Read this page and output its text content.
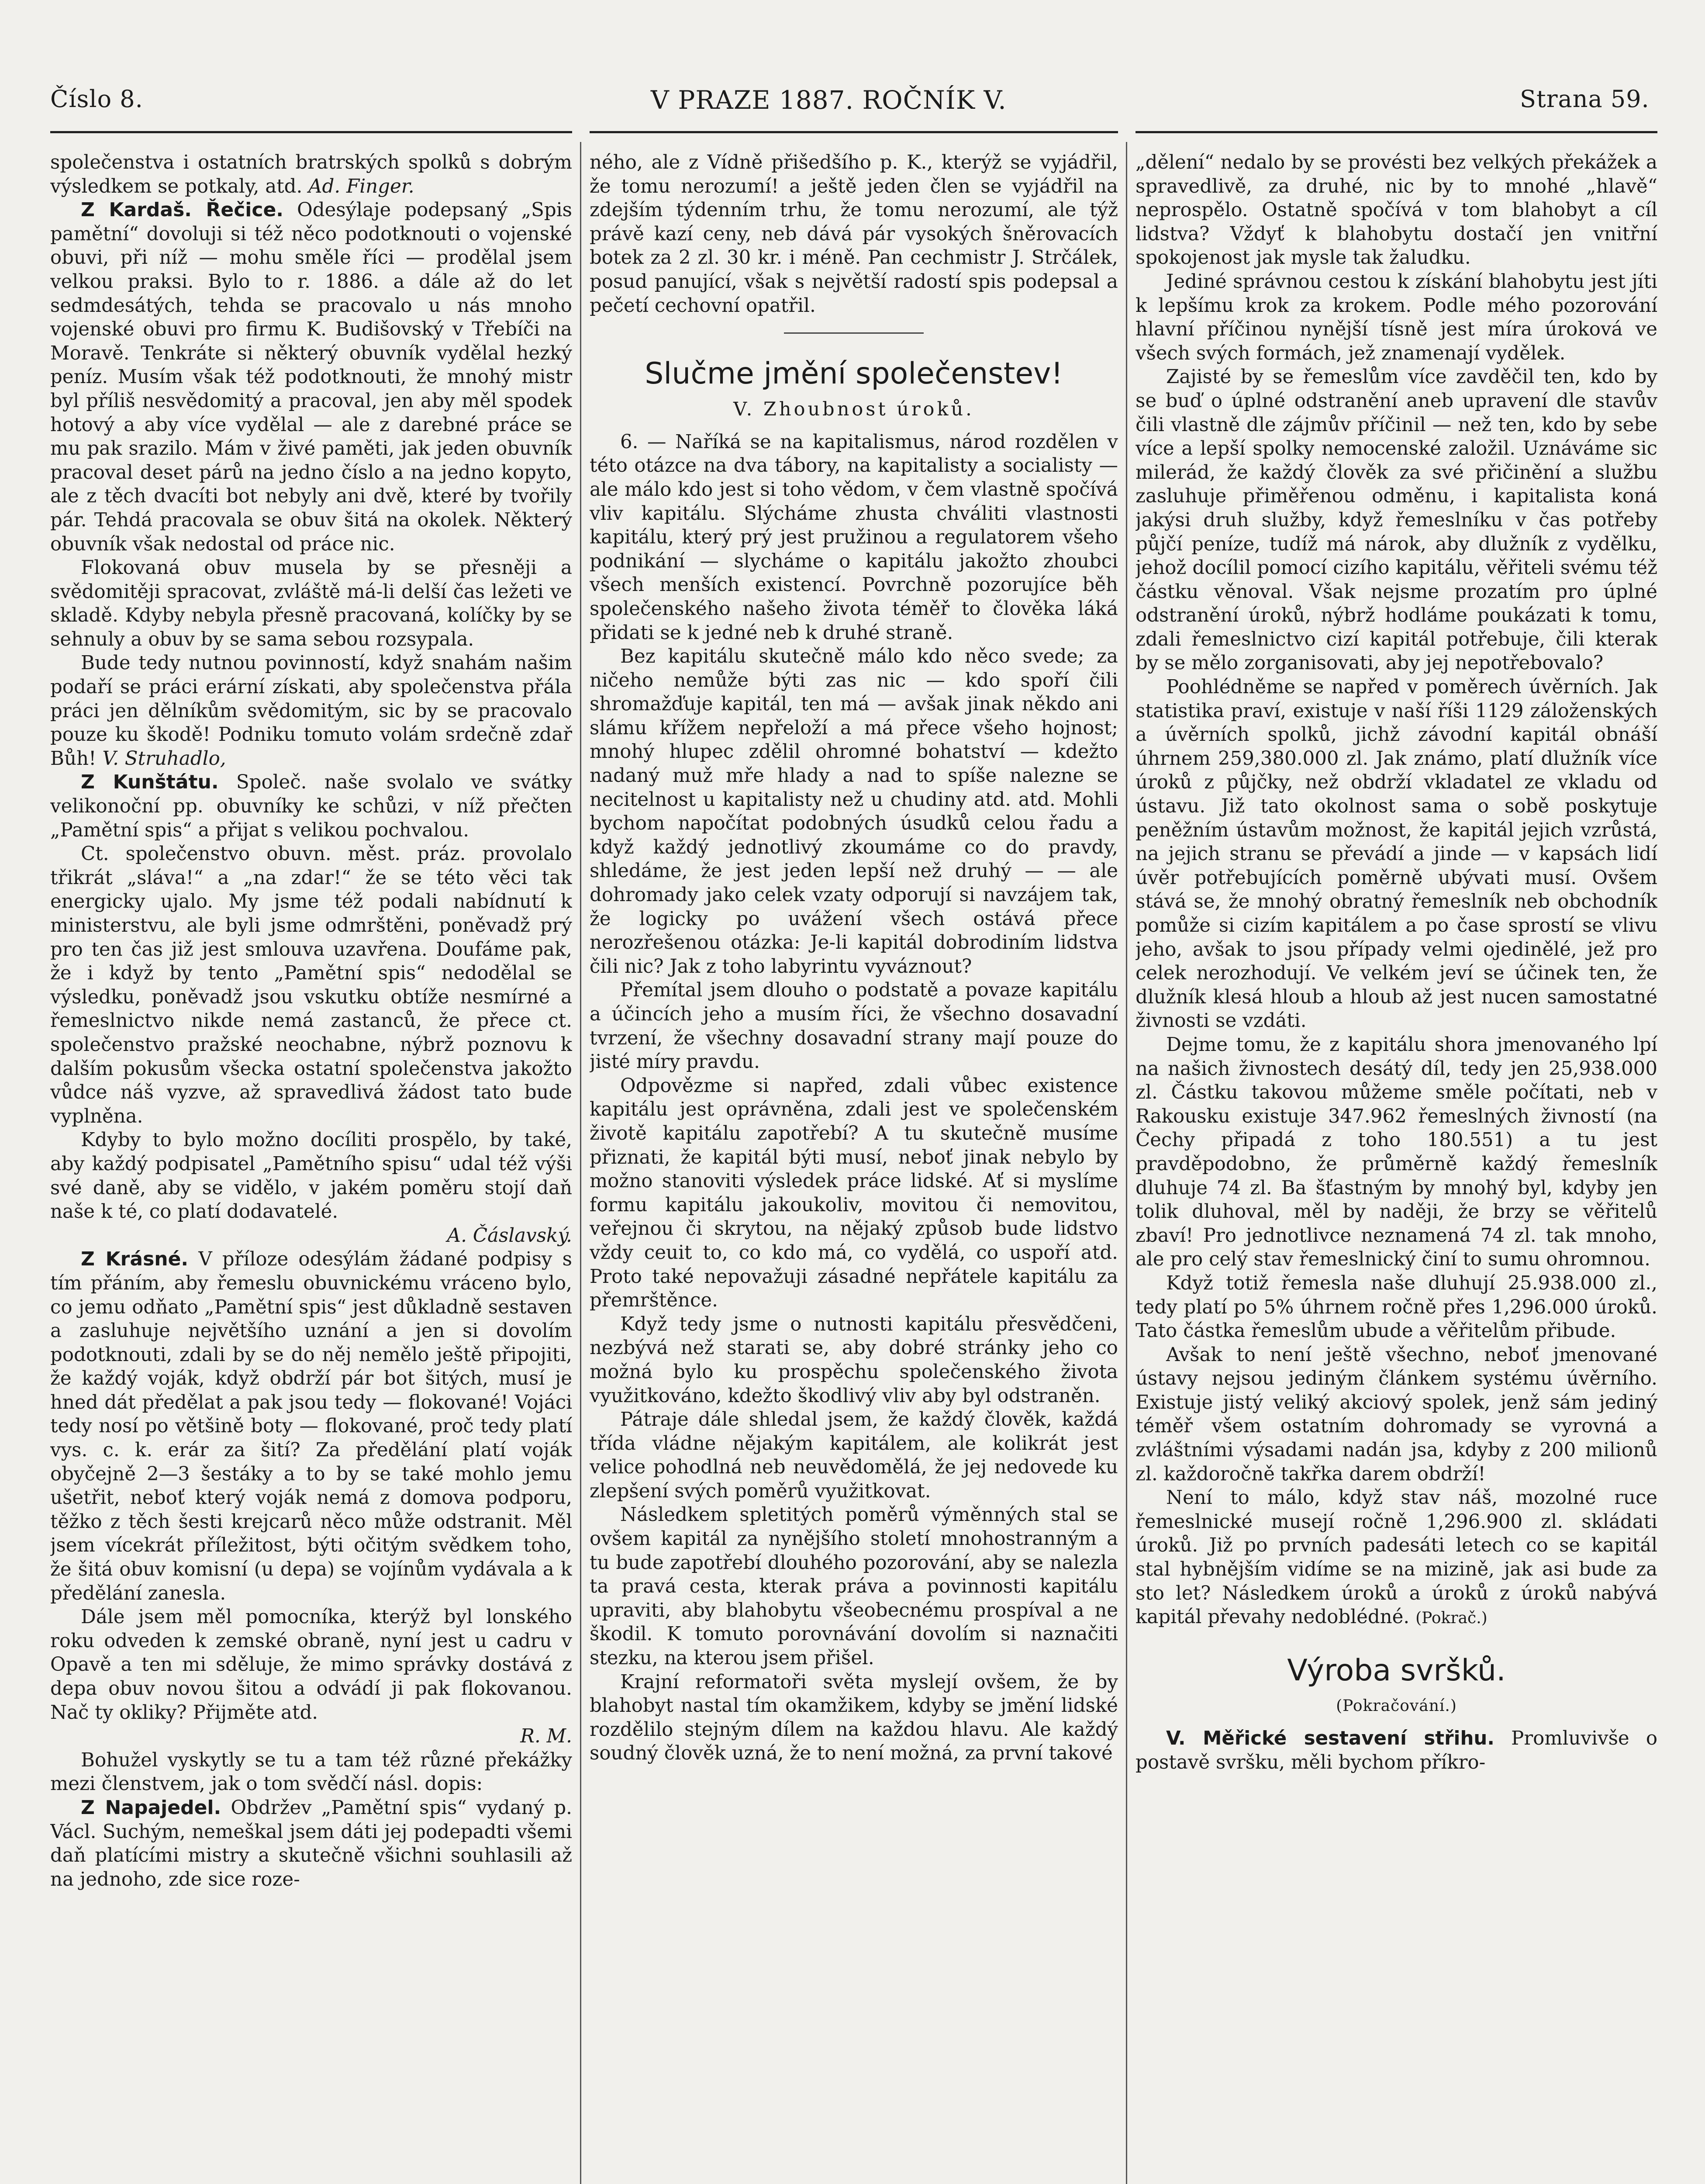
Číslo 8.	V PRAZE 1887. ROČNÍK V.	Strana 59.

společenstva i ostatních bratrských spolků s dobrým výsledkem se potkaly, atd. Ad. Finger.

Z Kardaš. Řečice. Odesýlaje podepsaný „Spis pamětní“ dovoluji si též něco podotknouti o vojenské obuvi, při níž — mohu směle říci — prodělal jsem velkou praksi. Bylo to r. 1886. a dále až do let sedmdesátých, tehda se pracovalo u nás mnoho vojenské obuvi pro firmu K. Budišovský v Třebíči na Moravě. Tenkráte si některý obuvník vydělal hezký peníz. Musím však též podotknouti, že mnohý mistr byl příliš nesvědomitý a pracoval, jen aby měl spodek hotový a aby více vydělal — ale z darebné práce se mu pak srazilo. Mám v živé paměti, jak jeden obuvník pracoval deset párů na jedno číslo a na jedno kopyto, ale z těch dvacíti bot nebyly ani dvě, které by tvořily pár. Tehdá pracovala se obuv šitá na okolek. Některý obuvník však nedostal od práce nic.

Flokovaná obuv musela by se přesněji a svědomitěji spracovat, zvláště má-li delší čas ležeti ve skladě. Kdyby nebyla přesně pracovaná, kolíčky by se sehnuly a obuv by se sama sebou rozsypala.

Bude tedy nutnou povinností, když snahám našim podaří se práci erární získati, aby společenstva přála práci jen dělníkům svědomitým, sic by se pracovalo pouze ku škodě! Podniku tomuto volám srdečně zdař Bůh! V. Struhadlo,

Z Kunštátu. Společ. naše svolalo ve svátky velikonoční pp. obuvníky ke schůzi, v níž přečten „Pamětní spis“ a přijat s velikou pochvalou.

Ct. společenstvo obuvn. měst. práz. provolalo třikrát „sláva!“ a „na zdar!“ že se této věci tak energicky ujalo. My jsme též podali nabídnutí k ministerstvu, ale byli jsme odmrštěni, poněvadž prý pro ten čas již jest smlouva uzavřena. Doufáme pak, že i když by tento „Pamětní spis“ nedodělal se výsledku, poněvadž jsou vskutku obtíže nesmírné a řemeslnictvo nikde nemá zastanců, že přece ct. společenstvo pražské neochabne, nýbrž poznovu k dalším pokusům všecka ostatní společenstva jakožto vůdce náš vyzve, až spravedlivá žádost tato bude vyplněna.

Kdyby to bylo možno docíliti prospělo, by také, aby každý podpisatel „Pamětního spisu“ udal též výši své daně, aby se vidělo, v jakém poměru stojí daň naše k té, co platí dodavatelé.

A. Čáslavský.

Z Krásné. V příloze odesýlám žádané podpisy s tím přáním, aby řemeslu obuvnickému vráceno bylo, co jemu odňato „Pamětní spis“ jest důkladně sestaven a zasluhuje největšího uznání a jen si dovolím podotknouti, zdali by se do něj nemělo ještě připojiti, že každý voják, když obdrží pár bot šitých, musí je hned dát předělat a pak jsou tedy — flokované! Vojáci tedy nosí po většině boty — flokované, proč tedy platí vys. c. k. erár za šití? Za předělání platí voják obyčejně 2—3 šestáky a to by se také mohlo jemu ušetřit, neboť který voják nemá z domova podporu, těžko z těch šesti krejcarů něco může odstranit. Měl jsem vícekrát příležitost, býti očitým svědkem toho, že šitá obuv komisní (u depa) se vojínům vydávala a k předělání zanesla.

Dále jsem měl pomocníka, kterýž byl lonského roku odveden k zemské obraně, nyní jest u cadru v Opavě a ten mi sděluje, že mimo správky dostává z depa obuv novou šitou a odvádí ji pak flokovanou. Nač ty okliky? Přijměte atd.

R. M.

Bohužel vyskytly se tu a tam též různé překážky mezi členstvem, jak o tom svědčí násl. dopis:

Z Napajedel. Obdržev „Pamětní spis“ vydaný p. Václ. Suchým, nemeškal jsem dáti jej podepadti všemi daň platícími mistry a skutečně všichni souhlasili až na jednoho, zde sice roze-

ného, ale z Vídně přišedšího p. K., kterýž se vyjádřil, že tomu nerozumí! a ještě jeden člen se vyjádřil na zdejším týdenním trhu, že tomu nerozumí, ale týž právě kazí ceny, neb dává pár vysokých šněrovacích botek za 2 zl. 30 kr. i méně. Pan cechmistr J. Strčálek, posud panující, však s největší radostí spis podepsal a pečetí cechovní opatřil.

Slučme jmění společenstev!

V. Zhoubnost úroků.

6. — Naříká se na kapitalismus, národ rozdělen v této otázce na dva tábory, na kapitalisty a socialisty — ale málo kdo jest si toho vědom, v čem vlastně spočívá vliv kapitálu. Slýcháme zhusta chváliti vlastnosti kapitálu, který prý jest pružinou a regulatorem všeho podnikání — slycháme o kapitálu jakožto zhoubci všech menších existencí. Povrchně pozorujíce běh společenského našeho života téměř to člověka láká přidati se k jedné neb k druhé straně.

Bez kapitálu skutečně málo kdo něco svede; za ničeho nemůže býti zas nic — kdo spoří čili shromažďuje kapitál, ten má — avšak jinak někdo ani slámu křížem nepřeloží a má přece všeho hojnost; mnohý hlupec zdělil ohromné bohatství — kdežto nadaný muž mře hlady a nad to spíše nalezne se necitelnost u kapitalisty než u chudiny atd. atd. Mohli bychom napočítat podobných úsudků celou řadu a když každý jednotlivý zkoumáme co do pravdy, shledáme, že jest jeden lepší než druhý — — ale dohromady jako celek vzaty odporují si navzájem tak, že logicky po uvážení všech ostává přece nerozřešenou otázka: Je-li kapitál dobrodiním lidstva čili nic? Jak z toho labyrintu vyváznout?

Přemítal jsem dlouho o podstatě a povaze kapitálu a účincích jeho a musím říci, že všechno dosavadní tvrzení, že všechny dosavadní strany mají pouze do jisté míry pravdu.

Odpovězme si napřed, zdali vůbec existence kapitálu jest oprávněna, zdali jest ve společenském životě kapitálu zapotřebí? A tu skutečně musíme přiznati, že kapitál býti musí, neboť jinak nebylo by možno stanoviti výsledek práce lidské. Ať si myslíme formu kapitálu jakoukoliv, movitou či nemovitou, veřejnou či skrytou, na nějaký způsob bude lidstvo vždy ceuit to, co kdo má, co vydělá, co uspoří atd. Proto také nepovažuji zásadné nepřátele kapitálu za přemrštěnce.

Když tedy jsme o nutnosti kapitálu přesvědčeni, nezbývá než starati se, aby dobré stránky jeho co možná bylo ku prospěchu společenského života využitkováno, kdežto škodlivý vliv aby byl odstraněn.

Pátraje dále shledal jsem, že každý člověk, každá třída vládne nějakým kapitálem, ale kolikrát jest velice pohodlná neb neuvědomělá, že jej nedovede ku zlepšení svých poměrů využitkovat.

Následkem spletitých poměrů výměnných stal se ovšem kapitál za nynějšího století mnohostranným a tu bude zapotřebí dlouhého pozorování, aby se nalezla ta pravá cesta, kterak práva a povinnosti kapitálu upraviti, aby blahobytu všeobecnému prospíval a ne škodil. K tomuto porovnávání dovolím si naznačiti stezku, na kterou jsem přišel.

Krajní reformatoři světa myslejí ovšem, že by blahobyt nastal tím okamžikem, kdyby se jmění lidské rozdělilo stejným dílem na každou hlavu. Ale každý soudný člověk uzná, že to není možná, za první takové

„dělení“ nedalo by se provésti bez velkých překážek a spravedlivě, za druhé, nic by to mnohé „hlavě“ neprospělo. Ostatně spočívá v tom blahobyt a cíl lidstva? Vždyť k blahobytu dostačí jen vnitřní spokojenost jak mysle tak žaludku.

Jediné správnou cestou k získání blahobytu jest jíti k lepšímu krok za krokem. Podle mého pozorování hlavní příčinou nynější tísně jest míra úroková ve všech svých formách, jež znamenají vydělek.

Zajisté by se řemeslům více zavděčil ten, kdo by se buď o úplné odstranění aneb upravení dle stavův čili vlastně dle zájmův příčinil — než ten, kdo by sebe více a lepší spolky nemocenské založil. Uznáváme sic milerád, že každý člověk za své přičinění a službu zasluhuje přiměřenou odměnu, i kapitalista koná jakýsi druh služby, když řemeslníku v čas potřeby půjčí peníze, tudíž má nárok, aby dlužník z vydělku, jehož docílil pomocí cizího kapitálu, věřiteli svému též částku věnoval. Však nejsme prozatím pro úplné odstranění úroků, nýbrž hodláme poukázati k tomu, zdali řemeslnictvo cizí kapitál potřebuje, čili kterak by se mělo zorganisovati, aby jej nepotřebovalo?

Poohlédněme se napřed v poměrech úvěrních. Jak statistika praví, existuje v naší říši 1129 záloženských a úvěrních spolků, jichž závodní kapitál obnáší úhrnem 259,380.000 zl. Jak známo, platí dlužník více úroků z půjčky, než obdrží vkladatel ze vkladu od ústavu. Již tato okolnost sama o sobě poskytuje peněžním ústavům možnost, že kapitál jejich vzrůstá, na jejich stranu se převádí a jinde — v kapsách lidí úvěr potřebujících poměrně ubývati musí. Ovšem stává se, že mnohý obratný řemeslník neb obchodník pomůže si cizím kapitálem a po čase sprostí se vlivu jeho, avšak to jsou případy velmi ojedinělé, jež pro celek nerozhodují. Ve velkém jeví se účinek ten, že dlužník klesá hloub a hloub až jest nucen samostatné živnosti se vzdáti.

Dejme tomu, že z kapitálu shora jmenovaného lpí na našich živnostech desátý díl, tedy jen 25,938.000 zl. Částku takovou můžeme směle počítati, neb v Rakousku existuje 347.962 řemeslných živností (na Čechy připadá z toho 180.551) a tu jest pravděpodobno, že průměrně každý řemeslník dluhuje 74 zl. Ba šťastným by mnohý byl, kdyby jen tolik dluhoval, měl by naději, že brzy se věřitelů zbaví! Pro jednotlivce neznamená 74 zl. tak mnoho, ale pro celý stav řemeslnický činí to sumu ohromnou.

Když totiž řemesla naše dluhují 25.938.000 zl., tedy platí po 5% úhrnem ročně přes 1,296.000 úroků. Tato částka řemeslům ubude a věřitelům přibude.

Avšak to není ještě všechno, neboť jmenované ústavy nejsou jediným článkem systému úvěrního. Existuje jistý veliký akciový spolek, jenž sám jediný téměř všem ostatním dohromady se vyrovná a zvláštními výsadami nadán jsa, kdyby z 200 milionů zl. každoročně takřka darem obdrží!

Není to málo, když stav náš, mozolné ruce řemeslnické musejí ročně 1,296.900 zl. skládati úroků. Již po prvních padesáti letech co se kapitál stal hybnějším vidíme se na mizině, jak asi bude za sto let? Následkem úroků a úroků z úroků nabývá kapitál převahy nedoblédné. (Pokrač.)

Výroba svršků.

(Pokračování.)

V. Měřické sestavení střihu. Promluvivše o postavě svršku, měli bychom příkro-
